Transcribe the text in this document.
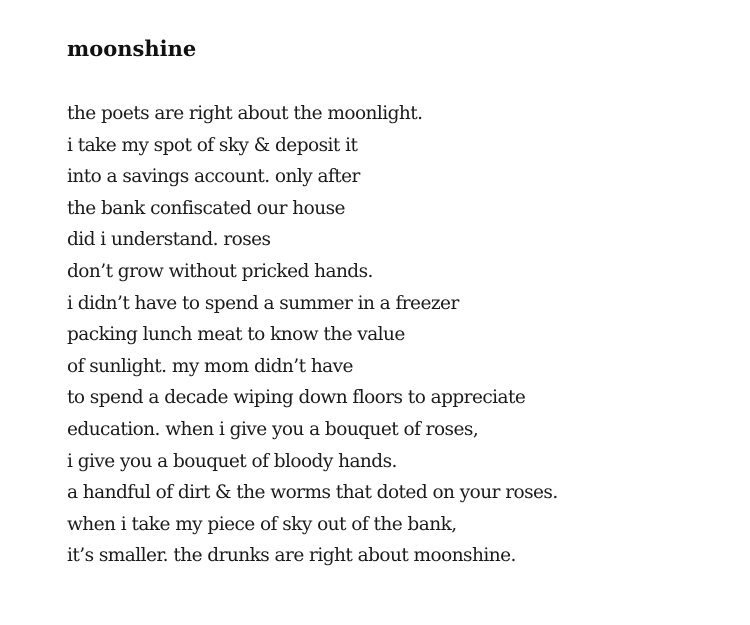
moonshine
the poets are right about the moonlight.
i take my spot of sky & deposit it
into a savings account. only after
the bank confiscated our house
did i understand. roses
don’t grow without pricked hands.
i didn’t have to spend a summer in a freezer
packing lunch meat to know the value
of sunlight. my mom didn’t have
to spend a decade wiping down floors to appreciate
education. when i give you a bouquet of roses,
i give you a bouquet of bloody hands.
a handful of dirt & the worms that doted on your roses.
when i take my piece of sky out of the bank,
it’s smaller. the drunks are right about moonshine.
